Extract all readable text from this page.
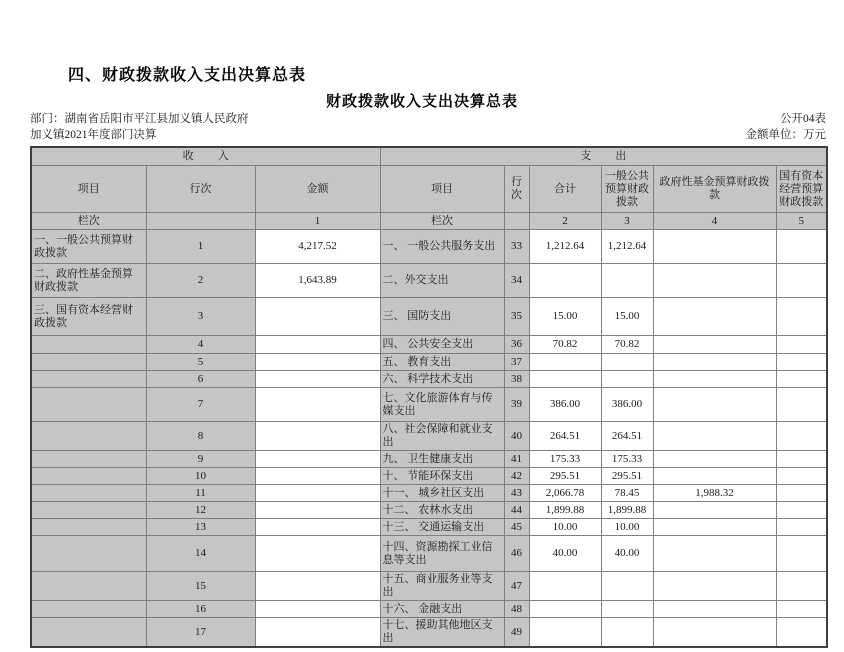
四、财政拨款收入支出决算总表
财政拨款收入支出决算总表
部门：湖南省岳阳市平江县加义镇人民政府	公开04表
加义镇2021年度部门决算	金额单位：万元
收入			支出					
项目	行次	金额	项目	行次	合计	一般公共预算财政拨款	政府性基金预算财政拨款	国有资本经营预算财政拨款
栏次		1	栏次		2	3	4	5
一、一般公共预算财政拨款	1	4,217.52	一、 一般公共服务支出	33	1,212.64	1,212.64		
二、政府性基金预算财政拨款	2	1,643.89	二、外交支出	34				
三、国有资本经营财政拨款	3		三、 国防支出	35	15.00	15.00		
	4		四、 公共安全支出	36	70.82	70.82		
	5		五、 教育支出	37				
	6		六、 科学技术支出	38				
	7		七、文化旅游体育与传媒支出	39	386.00	386.00		
	8		八、社会保障和就业支出	40	264.51	264.51		
	9		九、 卫生健康支出	41	175.33	175.33		
	10		十、 节能环保支出	42	295.51	295.51		
	11		十一、 城乡社区支出	43	2,066.78	78.45	1,988.32	
	12		十二、 农林水支出	44	1,899.88	1,899.88		
	13		十三、 交通运输支出	45	10.00	10.00		
	14		十四、资源勘探工业信息等支出	46	40.00	40.00		
	15		十五、商业服务业等支出	47				
	16		十六、 金融支出	48				
	17		十七、援助其他地区支出	49				
